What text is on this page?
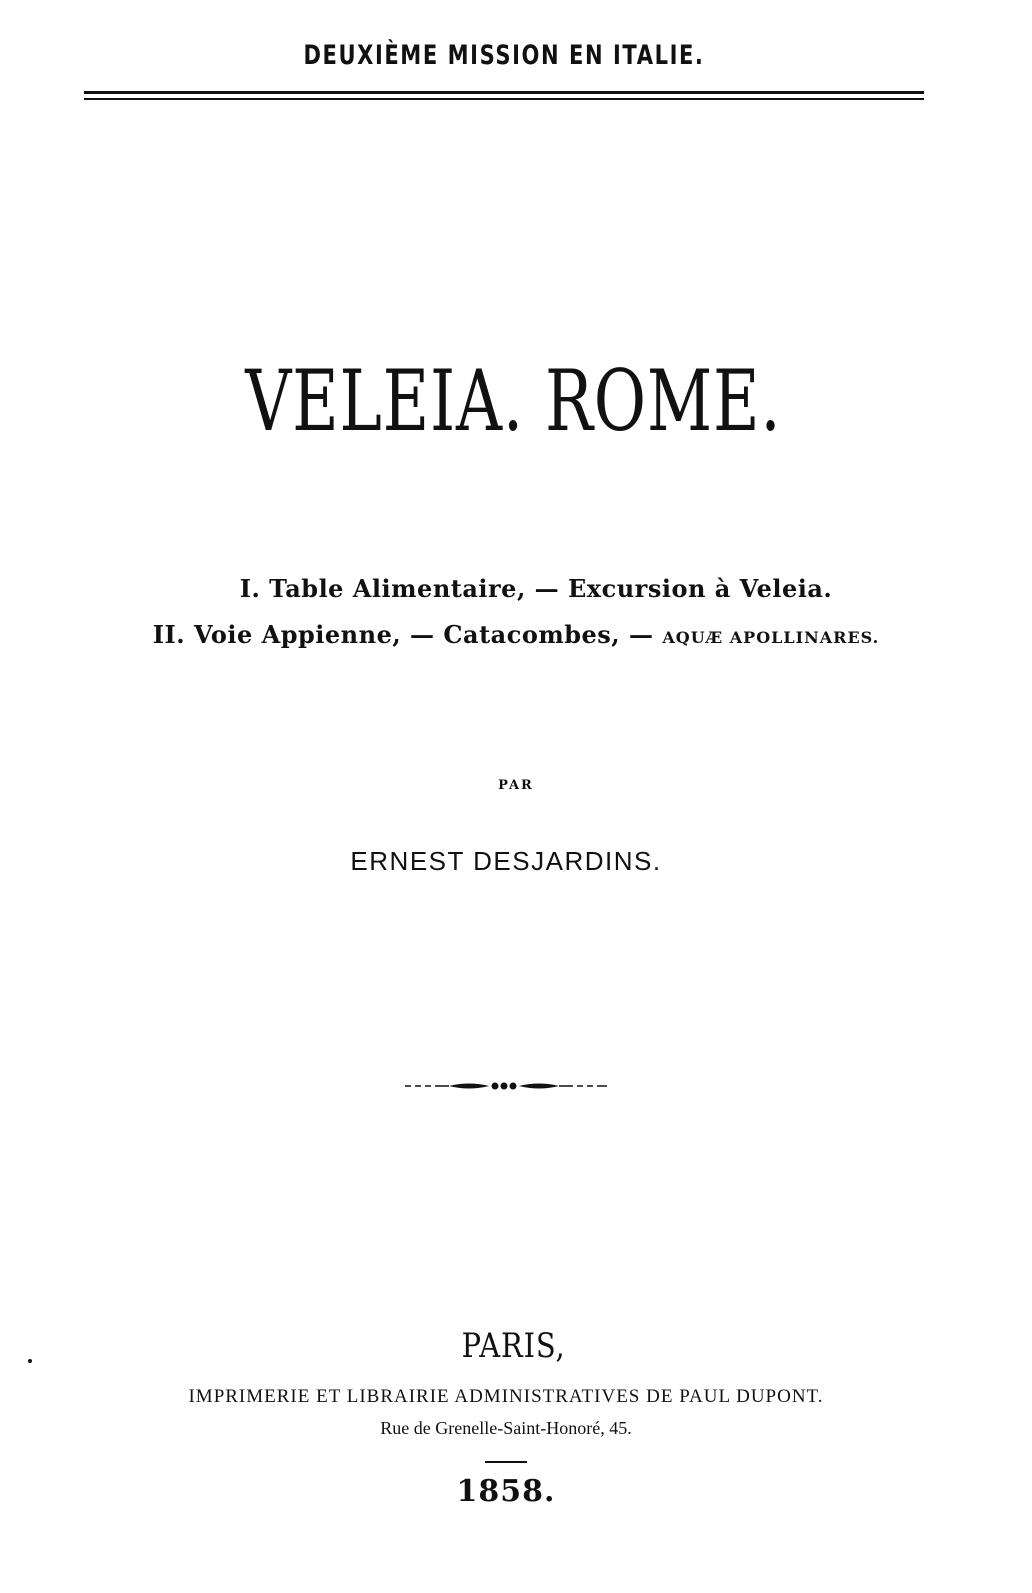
DEUXIÈME MISSION EN ITALIE.
VELEIA. ROME.
I. Table Alimentaire, — Excursion à Veleia.
II. Voie Appienne, — Catacombes, — AQUÆ APOLLINARES.
PAR
ERNEST DESJARDINS.
PARIS,
IMPRIMERIE ET LIBRAIRIE ADMINISTRATIVES DE PAUL DUPONT.
Rue de Grenelle-Saint-Honoré, 45.
1858.
